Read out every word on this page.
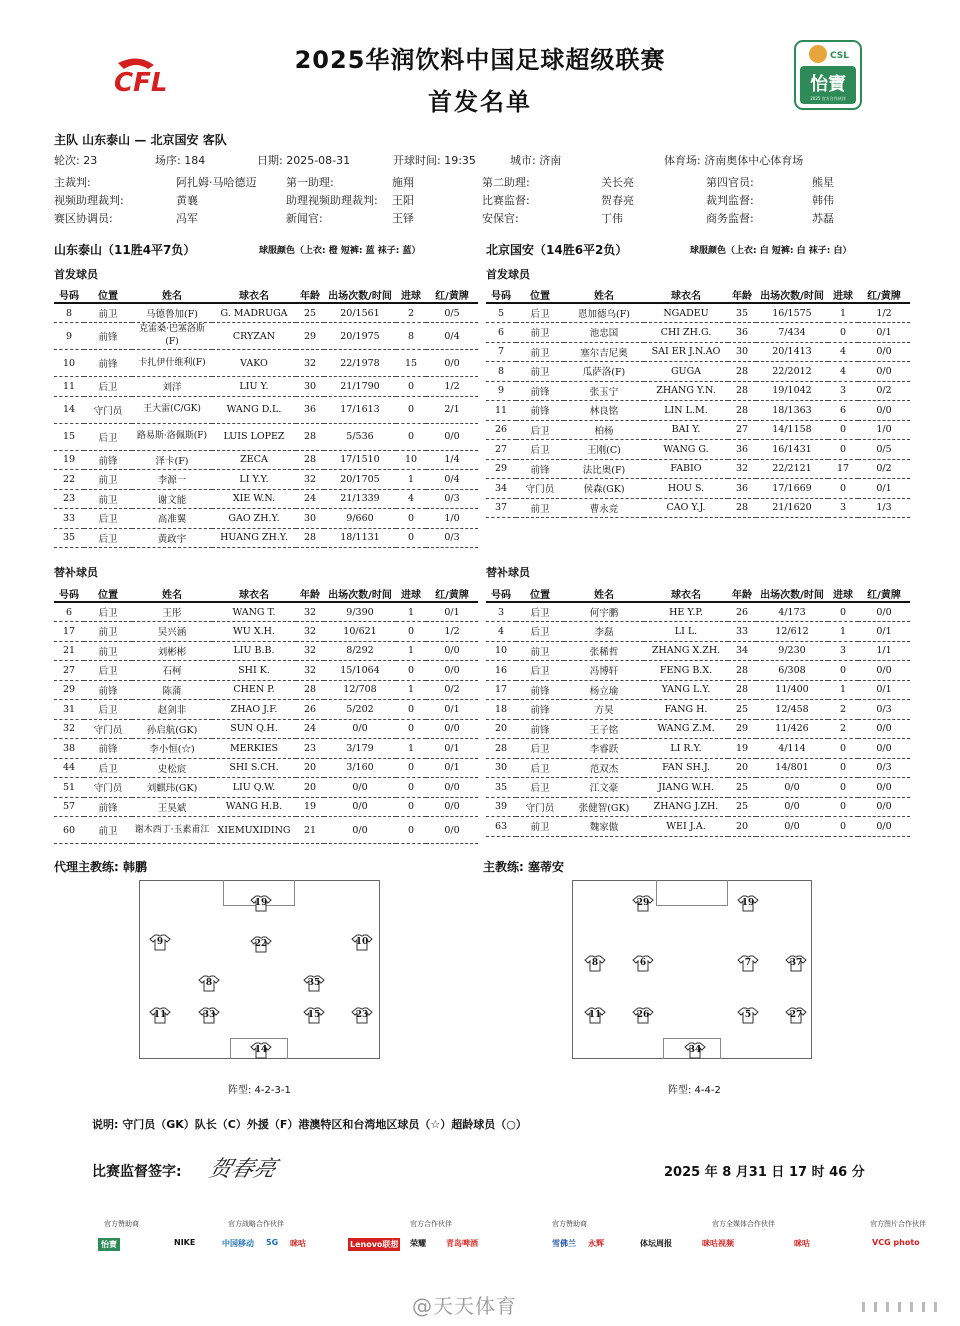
CFL
2025华润饮料中国足球超级联赛
首发名单
CSL
怡寶
2025 官方合作伙伴
主队 山东泰山 — 北京国安 客队
轮次: 23	场序: 184	日期: 2025-08-31	开球时间: 19:35	城市: 济南	体育场: 济南奥体中心体育场
主裁判:	阿扎姆·马哈德迈	第一助理:	施翔	第二助理:	关长亮	第四官员:	熊星
视频助理裁判:	黄襄	助理视频助理裁判: 王阳	比赛监督:	贺春亮	裁判监督:	韩伟
赛区协调员:	冯军	新闻官:	王铎	安保官:	丁伟	商务监督:	苏磊
山东泰山（11胜4平7负）	球服颜色（上衣: 橙 短裤: 蓝 袜子: 蓝）	北京国安（14胜6平2负）	球服颜色（上衣: 白 短裤: 白 袜子: 白）
首发球员	首发球员
号码	位置	姓名	球衣名	年龄	出场次数/时间	进球	红/黄牌
8	前卫	马德鲁加(F)	G. MADRUGA	25	20/1561	2	0/5
9	前锋	克雷桑·巴塞洛斯(F)	CRYZAN	29	20/1975	8	0/4
10	前锋	卡扎伊什维利(F)	VAKO	32	22/1978	15	0/0
11	后卫	刘洋	LIU Y.	30	21/1790	0	1/2
14	守门员	王大雷(C/GK)	WANG D.L.	36	17/1613	0	2/1
15	后卫	路易斯·洛佩斯(F)	LUIS LOPEZ	28	5/536	0	0/0
19	前锋	泽卡(F)	ZECA	28	17/1510	10	1/4
22	前卫	李源一	LI Y.Y.	32	20/1705	1	0/4
23	前卫	谢文能	XIE W.N.	24	21/1339	4	0/3
33	后卫	高准翼	GAO ZH.Y.	30	9/660	0	1/0
35	后卫	黄政宇	HUANG ZH.Y.	28	18/1131	0	0/3
号码	位置	姓名	球衣名	年龄	出场次数/时间	进球	红/黄牌
5	后卫	恩加德乌(F)	NGADEU	35	16/1575	1	1/2
6	前卫	池忠国	CHI ZH.G.	36	7/434	0	0/1
7	前卫	塞尔吉尼奥	SAI ER J.N.AO	30	20/1413	4	0/0
8	前卫	瓜萨洛(F)	GUGA	28	22/2012	4	0/0
9	前锋	张玉宁	ZHANG Y.N.	28	19/1042	3	0/2
11	前锋	林良铭	LIN L.M.	28	18/1363	6	0/0
26	后卫	柏杨	BAI Y.	27	14/1158	0	1/0
27	后卫	王刚(C)	WANG G.	36	16/1431	0	0/5
29	前锋	法比奥(F)	FABIO	32	22/2121	17	0/2
34	守门员	侯森(GK)	HOU S.	36	17/1669	0	0/1
37	前卫	曹永竞	CAO Y.J.	28	21/1620	3	1/3
替补球员	替补球员
号码	位置	姓名	球衣名	年龄	出场次数/时间	进球	红/黄牌
6	后卫	王彤	WANG T.	32	9/390	1	0/1
17	前卫	吴兴涵	WU X.H.	32	10/621	0	1/2
21	前卫	刘彬彬	LIU B.B.	32	8/292	1	0/0
27	后卫	石柯	SHI K.	32	15/1064	0	0/0
29	前锋	陈蒲	CHEN P.	28	12/708	1	0/2
31	后卫	赵剑非	ZHAO J.F.	26	5/202	0	0/1
32	守门员	孙启航(GK)	SUN Q.H.	24	0/0	0	0/0
38	前锋	李小恒(☆)	MERKIES	23	3/179	1	0/1
44	后卫	史松宸	SHI S.CH.	20	3/160	0	0/1
51	守门员	刘麒玮(GK)	LIU Q.W.	20	0/0	0	0/0
57	前锋	王昊斌	WANG H.B.	19	0/0	0	0/0
60	前卫	谢木西丁·玉素甫江	XIEMUXIDING	21	0/0	0	0/0
号码	位置	姓名	球衣名	年龄	出场次数/时间	进球	红/黄牌
3	后卫	何宇鹏	HE Y.P.	26	4/173	0	0/0
4	后卫	李磊	LI L.	33	12/612	1	0/1
10	前卫	张稀哲	ZHANG X.ZH.	34	9/230	3	1/1
16	后卫	冯博轩	FENG B.X.	28	6/308	0	0/0
17	前锋	杨立瑜	YANG L.Y.	28	11/400	1	0/1
18	前锋	方昊	FANG H.	25	12/458	2	0/3
20	前锋	王子铭	WANG Z.M.	29	11/426	2	0/0
28	后卫	李睿跃	LI R.Y.	19	4/114	0	0/0
30	后卫	范双杰	FAN SH.J.	20	14/801	0	0/3
35	后卫	江文豪	JIANG W.H.	25	0/0	0	0/0
39	守门员	张健智(GK)	ZHANG J.ZH.	25	0/0	0	0/0
63	前卫	魏家傲	WEI J.A.	20	0/0	0	0/0
代理主教练: 韩鹏	主教练: 塞蒂安
19
9	22	10
8	35
11	33	15	23
14
29	19
8	6	7	37
11	26	5	27
34
阵型: 4-2-3-1	阵型: 4-4-2
说明: 守门员（GK）队长（C）外援（F）港澳特区和台湾地区球员（☆）超龄球员（○）
比赛监督签字: 贺春亮	2025 年 8 月31 日 17 时 46 分
官方赞助商	官方战略合作伙伴	官方合作伙伴	官方赞助商	官方全媒体合作伙伴	官方图片合作伙伴
怡寶	NIKE	中国移动 5G 咪咕	Lenovo联想 荣耀	青岛啤酒	雪佛兰 永辉	体坛周报	咪咕视频	咪咕	VCG photo
@天天体育
